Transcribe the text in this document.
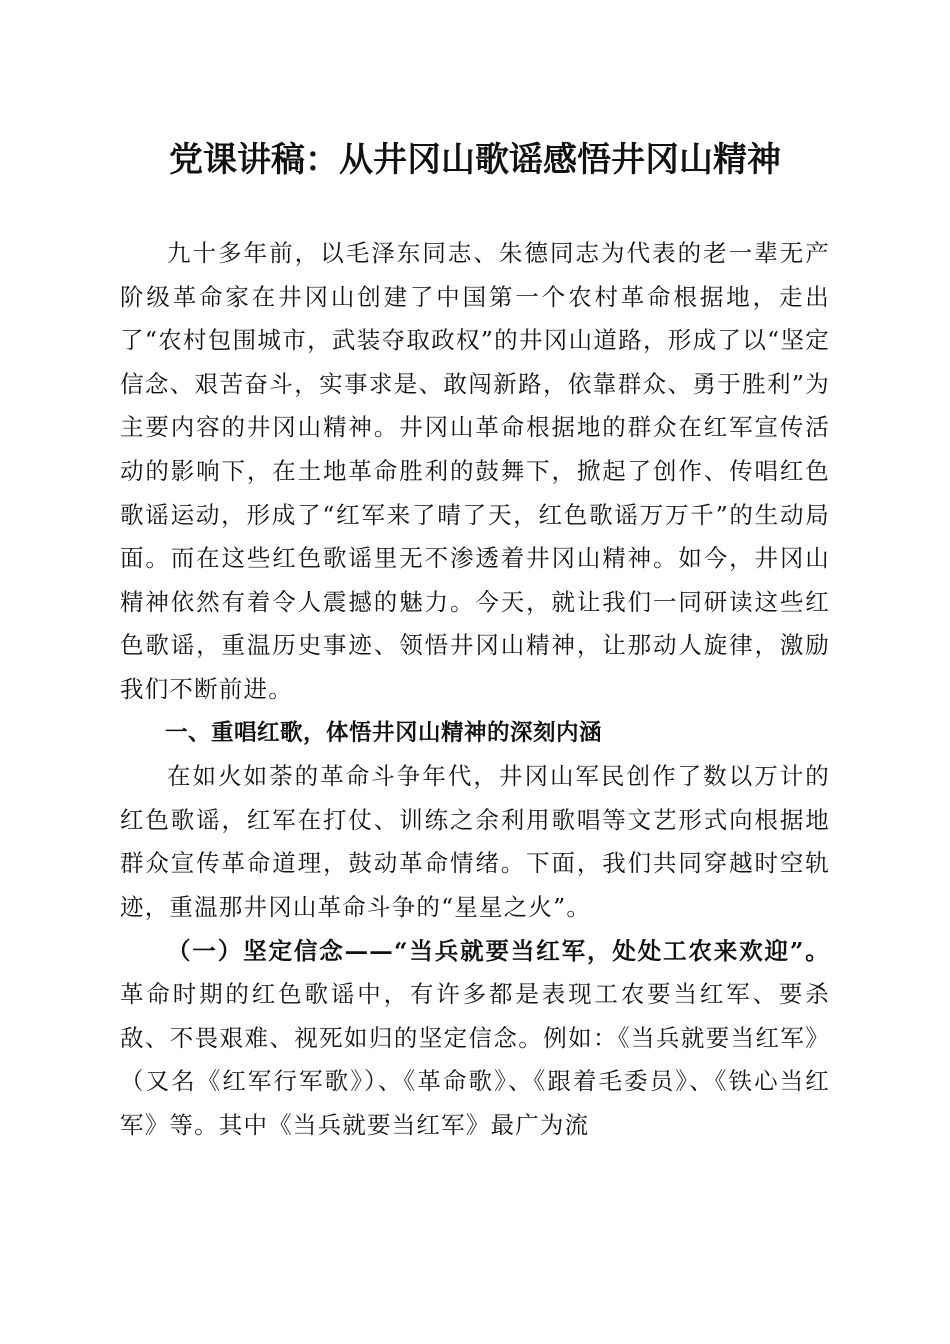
党课讲稿：从井冈山歌谣感悟井冈山精神

九十多年前，以毛泽东同志、朱德同志为代表的老一辈无产阶级革命家在井冈山创建了中国第一个农村革命根据地，走出了“农村包围城市，武装夺取政权”的井冈山道路，形成了以“坚定信念、艰苦奋斗，实事求是、敢闯新路，依靠群众、勇于胜利”为主要内容的井冈山精神。井冈山革命根据地的群众在红军宣传活动的影响下，在土地革命胜利的鼓舞下，掀起了创作、传唱红色歌谣运动，形成了“红军来了晴了天，红色歌谣万万千”的生动局面。而在这些红色歌谣里无不渗透着井冈山精神。如今，井冈山精神依然有着令人震撼的魅力。今天，就让我们一同研读这些红色歌谣，重温历史事迹、领悟井冈山精神，让那动人旋律，激励我们不断前进。

一、重唱红歌，体悟井冈山精神的深刻内涵

在如火如荼的革命斗争年代，井冈山军民创作了数以万计的红色歌谣，红军在打仗、训练之余利用歌唱等文艺形式向根据地群众宣传革命道理，鼓动革命情绪。下面，我们共同穿越时空轨迹，重温那井冈山革命斗争的“星星之火”。

（一）坚定信念——“当兵就要当红军，处处工农来欢迎”。革命时期的红色歌谣中，有许多都是表现工农要当红军、要杀敌、不畏艰难、视死如归的坚定信念。例如：《当兵就要当红军》（又名《红军行军歌》）、《革命歌》、《跟着毛委员》、《铁心当红军》等。其中《当兵就要当红军》最广为流
